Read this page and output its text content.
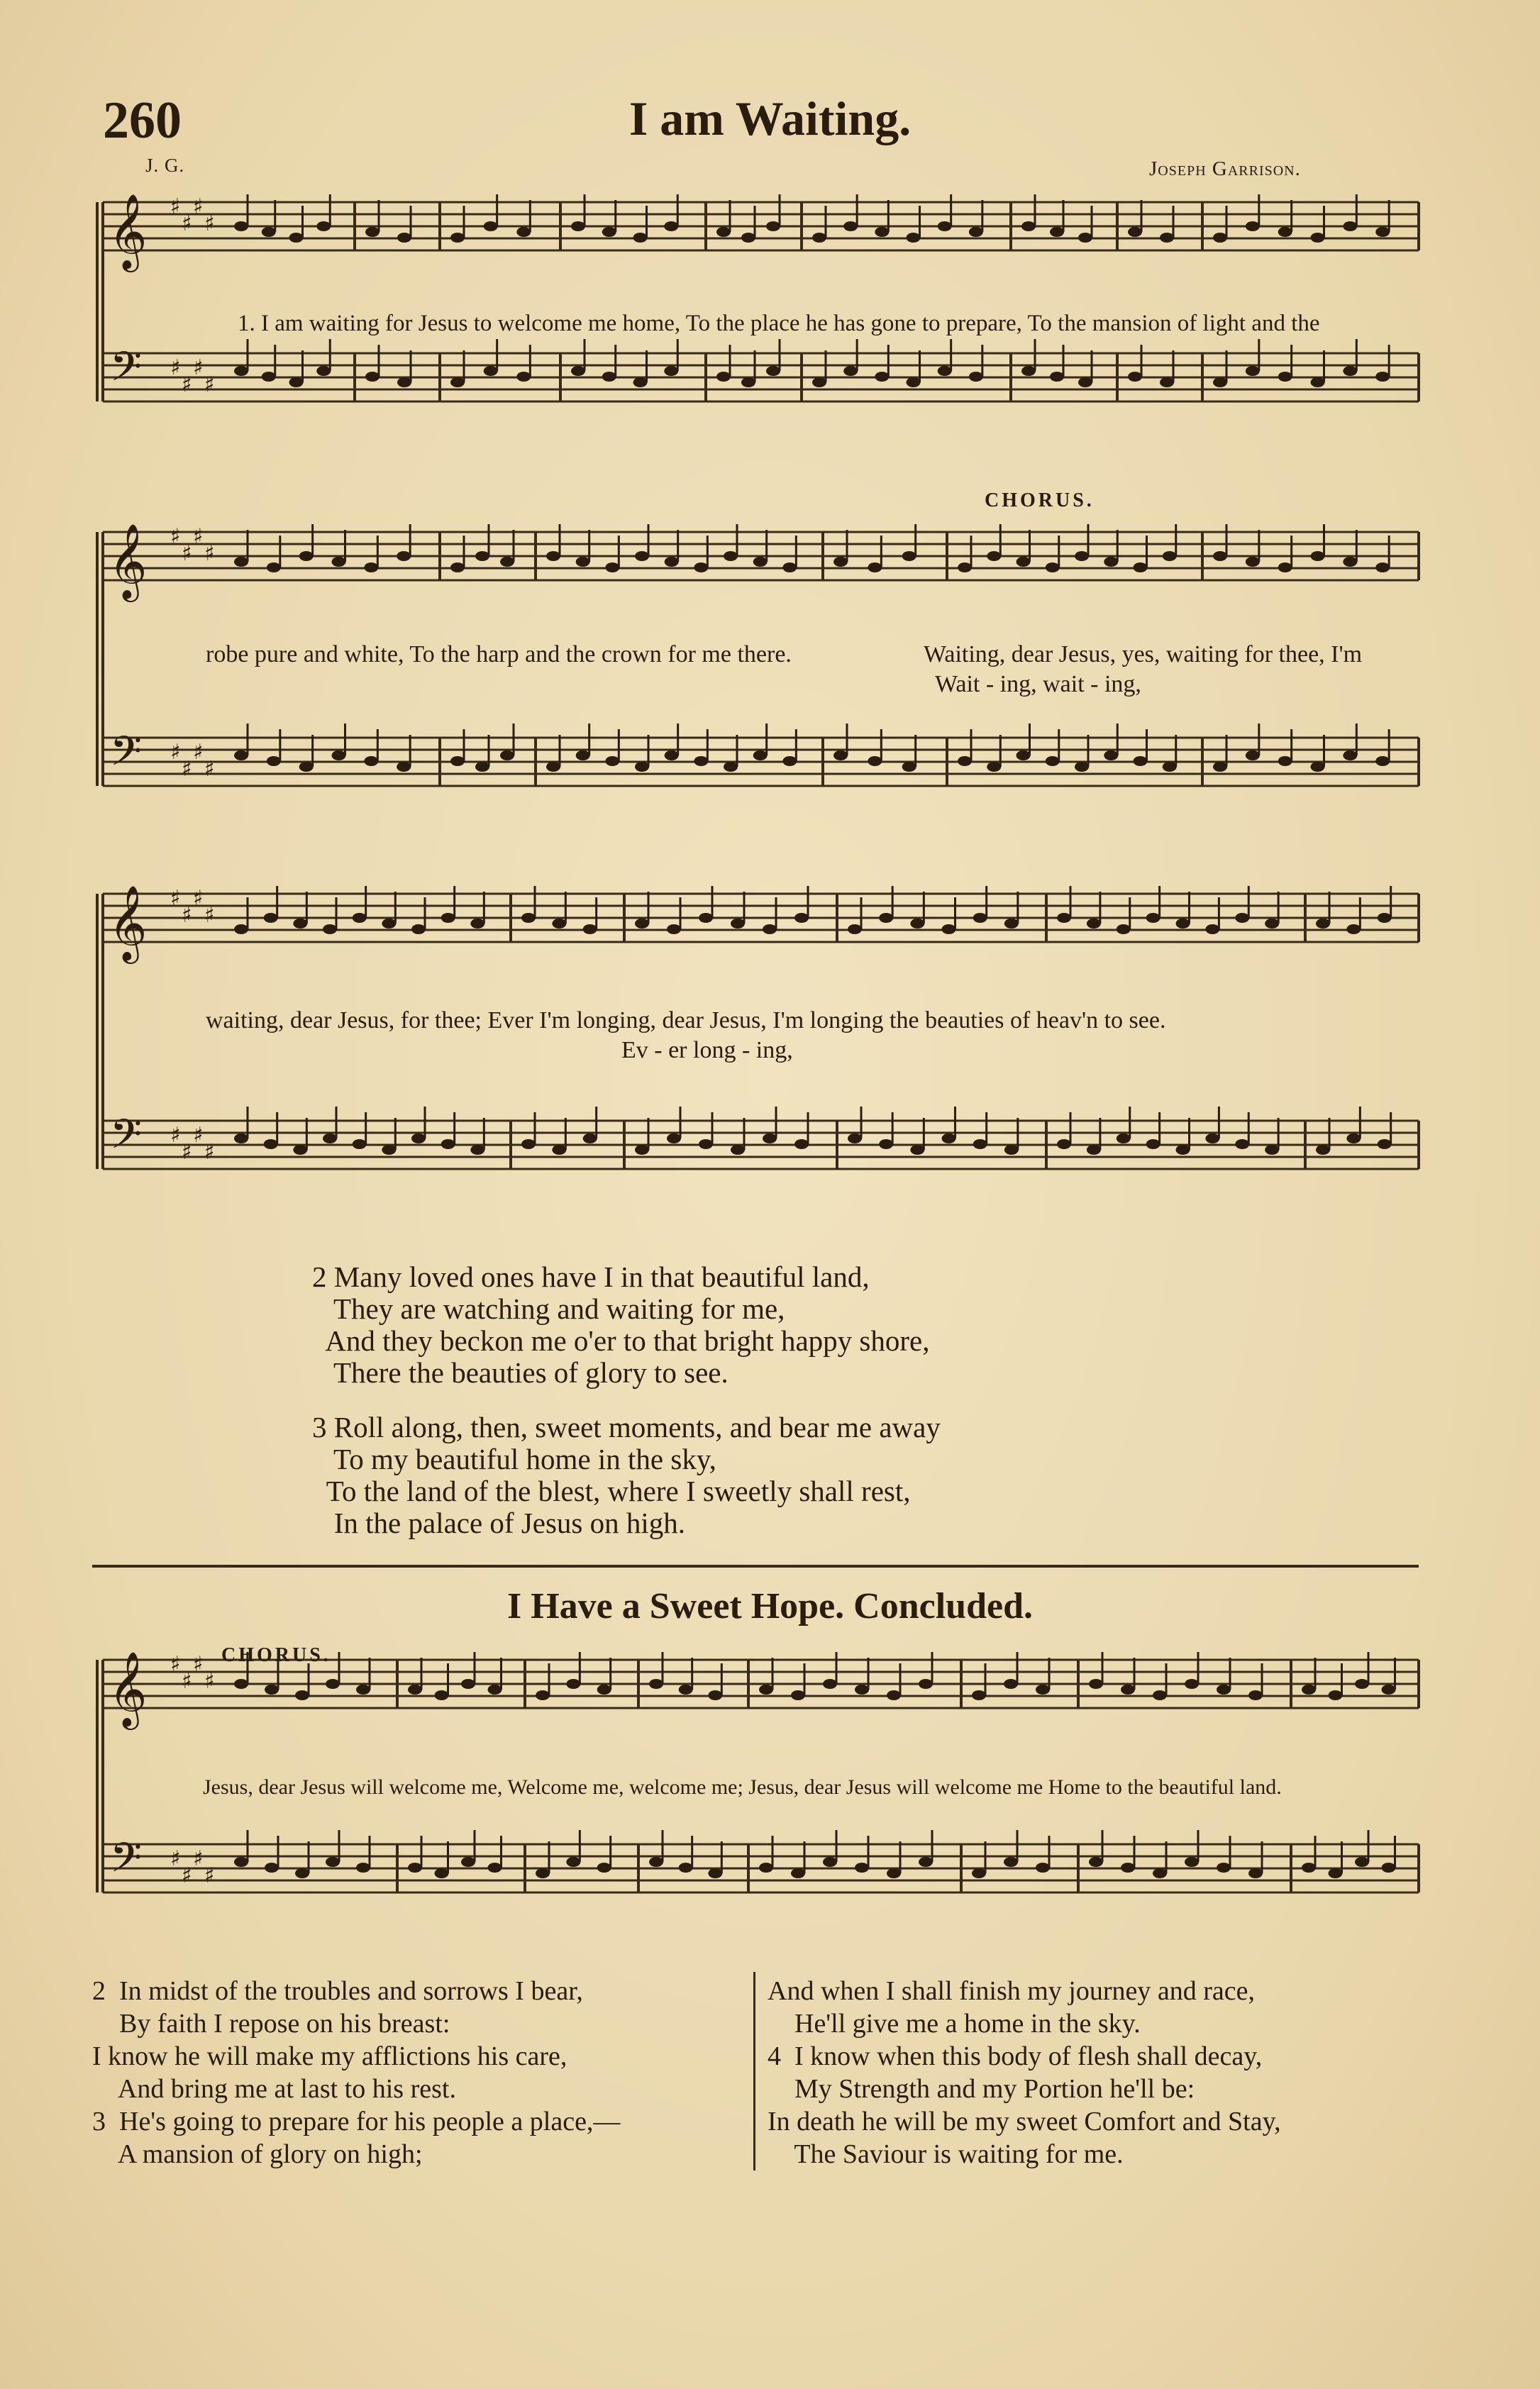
260	I am Waiting.
J. G.	Joseph Garrison.
𝄞
𝄢
♯
♯
♯
♯
♯
♯
♯
♯
𝄞
𝄢
♯
♯
♯
♯
♯
♯
♯
♯
𝄞
𝄢
♯
♯
♯
♯
♯
♯
♯
♯
𝄞
𝄢
♯
♯
♯
♯
♯
♯
♯
♯
1. I am waiting for Jesus to welcome me home, To the place he has gone to prepare, To the mansion of light and the
CHORUS.
robe pure and white, To the harp and the crown for me there.	Waiting, dear Jesus, yes, waiting for thee, I'm
Wait - ing, wait - ing,
waiting, dear Jesus, for thee; Ever I'm longing, dear Jesus, I'm longing the beauties of heav'n to see.
Ev - er long - ing,
2 Many loved ones have I in that beautiful land,
They are watching and waiting for me,
And they beckon me o'er to that bright happy shore,
There the beauties of glory to see.
3 Roll along, then, sweet moments, and bear me away
To my beautiful home in the sky,
To the land of the blest, where I sweetly shall rest,
In the palace of Jesus on high.
I Have a Sweet Hope. Concluded.
CHORUS.
Jesus, dear Jesus will welcome me, Welcome me, welcome me; Jesus, dear Jesus will welcome me Home to the beautiful land.
2  In midst of the troubles and sorrows I bear,
By faith I repose on his breast:
I know he will make my afflictions his care,
And bring me at last to his rest.
3  He's going to prepare for his people a place,—
A mansion of glory on high;
And when I shall finish my journey and race,
He'll give me a home in the sky.
4  I know when this body of flesh shall decay,
My Strength and my Portion he'll be:
In death he will be my sweet Comfort and Stay,
The Saviour is waiting for me.
